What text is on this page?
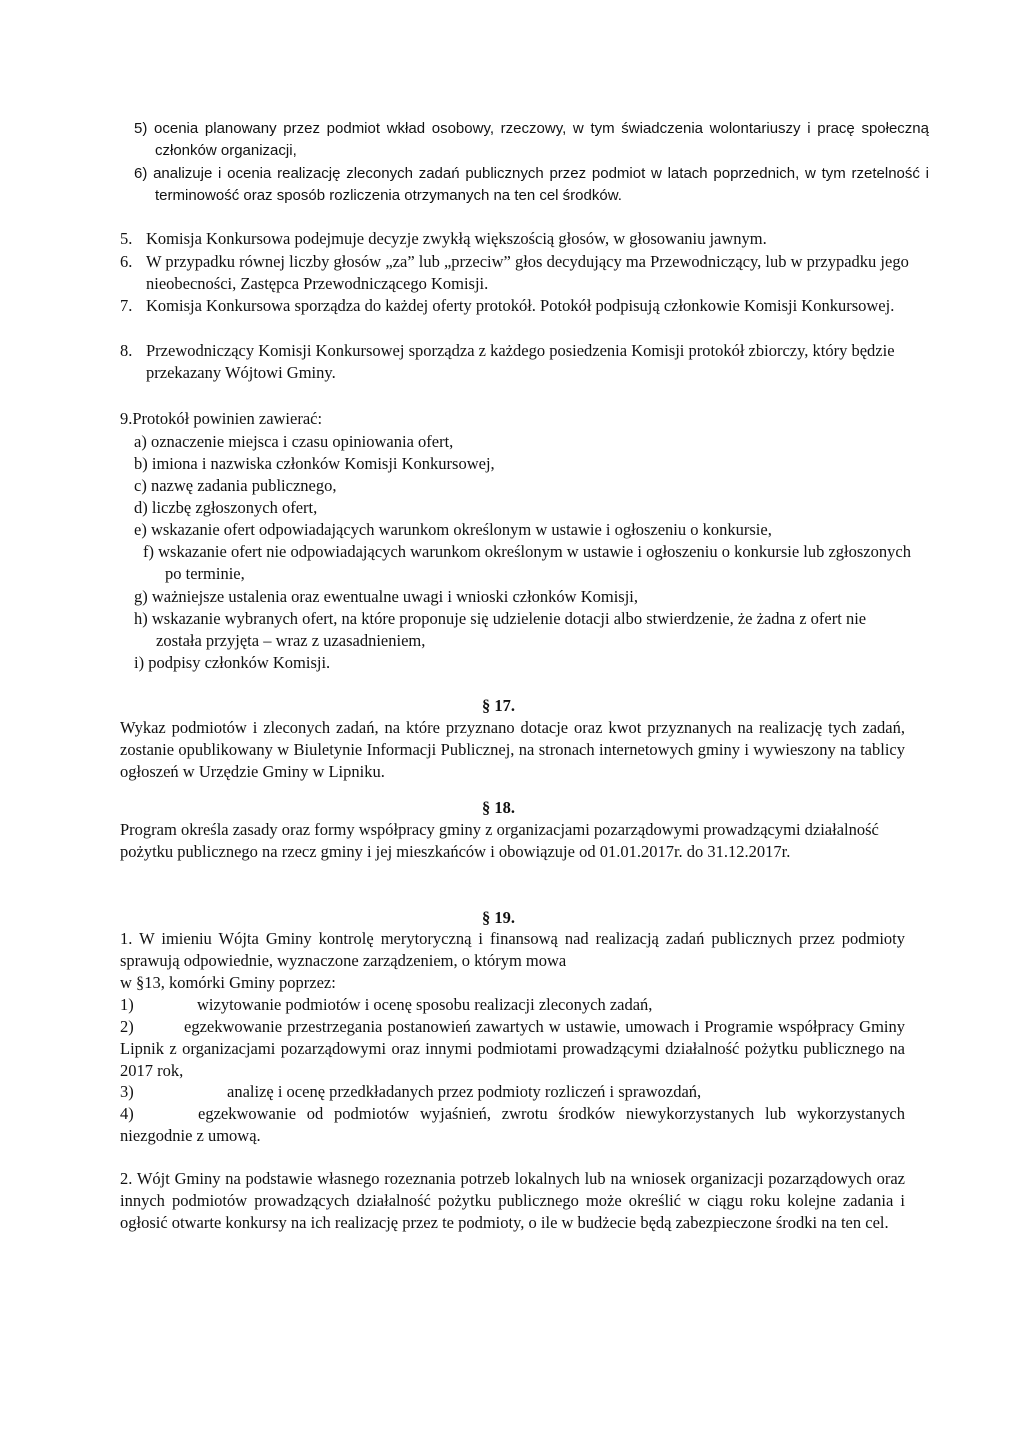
5) ocenia planowany przez podmiot wkład osobowy, rzeczowy, w tym świadczenia wolontariuszy i pracę społeczną członków organizacji,

6) analizuje i ocenia realizację zleconych zadań publicznych przez podmiot w latach poprzednich, w tym rzetelność i terminowość oraz sposób rozliczenia otrzymanych na ten cel środków.

5. Komisja Konkursowa podejmuje decyzje zwykłą większością głosów, w głosowaniu jawnym.
6. W przypadku równej liczby głosów „za” lub „przeciw” głos decydujący ma Przewodniczący, lub w przypadku jego nieobecności, Zastępca Przewodniczącego Komisji.
7. Komisja Konkursowa sporządza do każdej oferty protokół. Potokół podpisują członkowie Komisji Konkursowej.
8. Przewodniczący Komisji Konkursowej sporządza z każdego posiedzenia Komisji protokół zbiorczy, który będzie przekazany Wójtowi Gminy.

9.Protokół powinien zawierać:

a) oznaczenie miejsca i czasu opiniowania ofert,

b) imiona i nazwiska członków Komisji Konkursowej,

c) nazwę zadania publicznego,

d) liczbę zgłoszonych ofert,

e) wskazanie ofert odpowiadających warunkom określonym w ustawie i ogłoszeniu o konkursie,

f) wskazanie ofert nie odpowiadających warunkom określonym w ustawie i ogłoszeniu o konkursie lub zgłoszonych po terminie,

g) ważniejsze ustalenia oraz ewentualne uwagi i wnioski członków Komisji,

h) wskazanie wybranych ofert, na które proponuje się udzielenie dotacji albo stwierdzenie, że żadna z ofert nie została przyjęta – wraz z uzasadnieniem,

i) podpisy członków Komisji.

§ 17.

Wykaz podmiotów i zleconych zadań, na które przyznano dotacje oraz kwot przyznanych na realizację tych zadań, zostanie opublikowany w Biuletynie Informacji Publicznej, na stronach internetowych gminy i wywieszony na tablicy ogłoszeń w Urzędzie Gminy w Lipniku.

§ 18.

Program określa zasady oraz formy współpracy gminy z organizacjami pozarządowymi prowadzącymi działalność pożytku publicznego na rzecz gminy i jej mieszkańców i obowiązuje od 01.01.2017r. do 31.12.2017r.

§ 19.

1. W imieniu Wójta Gminy kontrolę merytoryczną i finansową nad realizacją zadań publicznych przez podmioty sprawują odpowiednie, wyznaczone zarządzeniem, o którym mowa

w §13, komórki Gminy poprzez:

1)	wizytowanie podmiotów i ocenę sposobu realizacji zleconych zadań,
2)	egzekwowanie przestrzegania postanowień zawartych w ustawie, umowach i Programie współpracy Gminy Lipnik z organizacjami pozarządowymi oraz innymi podmiotami prowadzącymi działalność pożytku publicznego na 2017 rok,
3)	analizę i ocenę przedkładanych przez podmioty rozliczeń i sprawozdań,
4)	egzekwowanie od podmiotów wyjaśnień, zwrotu środków niewykorzystanych lub wykorzystanych niezgodnie z umową.

2. Wójt Gminy na podstawie własnego rozeznania potrzeb lokalnych lub na wniosek organizacji pozarządowych oraz innych podmiotów prowadzących działalność pożytku publicznego może określić w ciągu roku kolejne zadania i ogłosić otwarte konkursy na ich realizację przez te podmioty, o ile w budżecie będą zabezpieczone środki na ten cel.
